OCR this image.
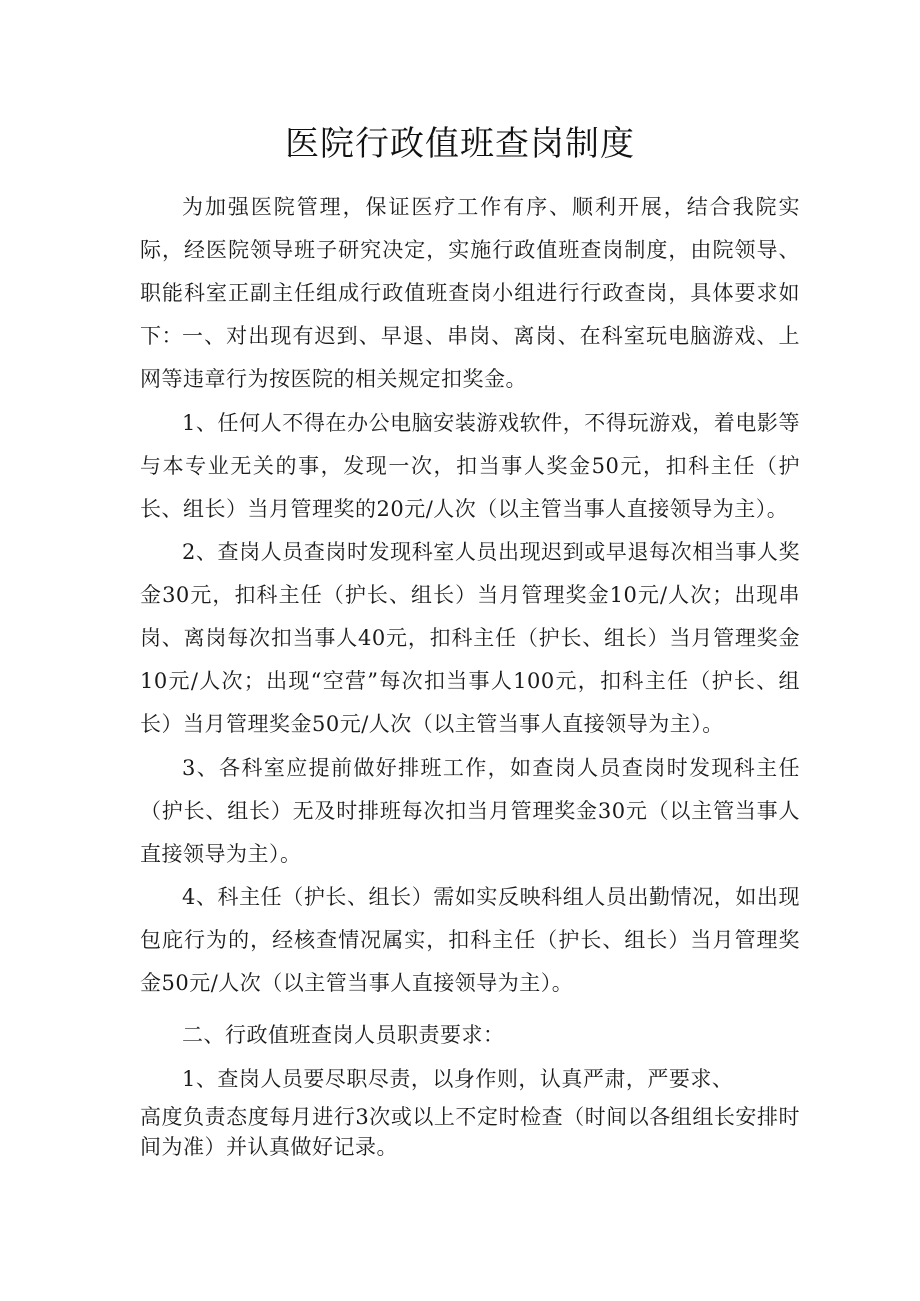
医院行政值班查岗制度
为加强医院管理，保证医疗工作有序、顺利开展，结合我院实际，经医院领导班子研究决定，实施行政值班查岗制度，由院领导、职能科室正副主任组成行政值班查岗小组进行行政查岗，具体要求如下： 一、对出现有迟到、早退、串岗、离岗、在科室玩电脑游戏、上网等违章行为按医院的相关规定扣奖金。
1、任何人不得在办公电脑安装游戏软件，不得玩游戏，着电影等与本专业无关的事，发现一次，扣当事人奖金50元，扣科主任（护长、组长）当月管理奖的20元/人次（以主管当事人直接领导为主）。
2、查岗人员查岗时发现科室人员出现迟到或早退每次相当事人奖金30元，扣科主任（护长、组长）当月管理奖金10元/人次；出现串岗、离岗每次扣当事人40元，扣科主任（护长、组长）当月管理奖金10元/人次；出现“空营”每次扣当事人100元，扣科主任（护长、组长）当月管理奖金50元/人次（以主管当事人直接领导为主）。
3、各科室应提前做好排班工作，如查岗人员查岗时发现科主任（护长、组长）无及时排班每次扣当月管理奖金30元（以主管当事人直接领导为主）。
4、科主任（护长、组长）需如实反映科组人员出勤情况，如出现包庇行为的，经核查情况属实，扣科主任（护长、组长）当月管理奖金50元/人次（以主管当事人直接领导为主）。
二、行政值班查岗人员职责要求：
1、查岗人员要尽职尽责，以身作则，认真严肃，严要求、
高度负责态度每月进行3次或以上不定时检查（时间以各组组长安排时间为准）并认真做好记录。
